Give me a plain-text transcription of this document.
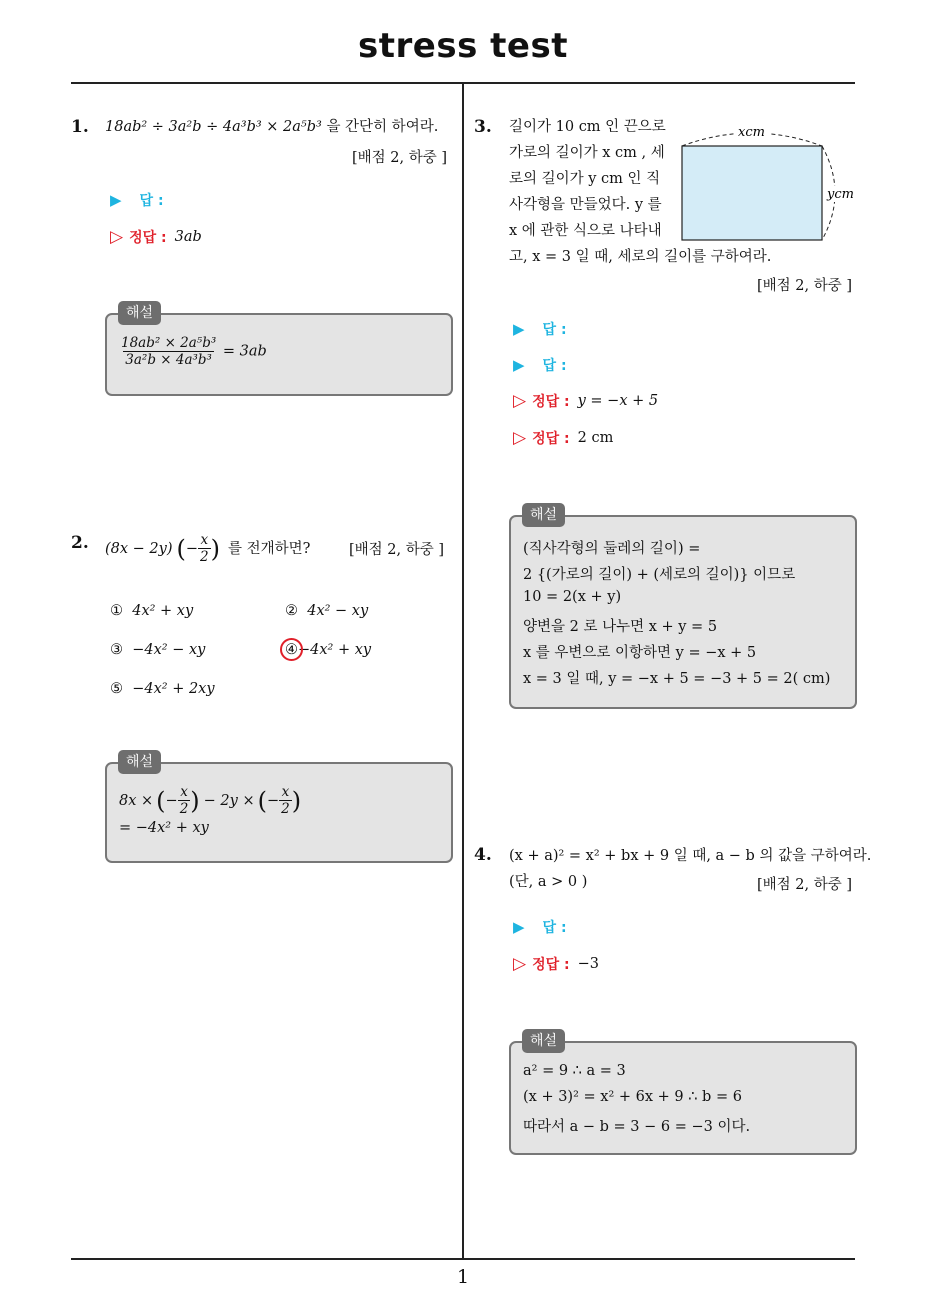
stress test
1
1. 18ab² ÷ 3a²b ÷ 4a³b³ × 2a⁵b³ 을 간단히 하여라.
[배점 2, 하중 ]
▶ 답 :
▷ 정답 : 3ab
$\frac{\text{18ab² × 2a⁵b³}}{\text{3a²b × 4a³b³}} = 3ab$
해설
2. (8x − 2y) ( − $\frac{x}{2}$ ) 를 전개하면?	[배점 2, 하중 ]
① 4x² + xy	② 4x² − xy
③ −4x² − xy	④−4x² + xy
⑤ −4x² + 2xy
8x × ( − $\frac{x}{2}$ ) − 2y × ( − $\frac{x}{2}$ )
= −4x² + xy
해설
3. 길이가 10 cm 인 끈으로
가로의 길이가 x cm , 세
로의 길이가 y cm 인 직
사각형을 만들었다. y 를
x 에 관한 식으로 나타내
고, x = 3 일 때, 세로의 길이를 구하여라.
xcm
ycm
[배점 2, 하중 ]
▶ 답 :
▶ 답 :
▷ 정답 : y = −x + 5
▷ 정답 : 2 cm
(직사각형의 둘레의 길이) =
2 {(가로의 길이) + (세로의 길이)} 이므로
10 = 2(x + y)
양변을 2 로 나누면 x + y = 5
x 를 우변으로 이항하면 y = −x + 5
x = 3 일 때, y = −x + 5 = −3 + 5 = 2( cm)
해설
4. (x + a)² = x² + bx + 9 일 때, a − b 의 값을 구하여라.
(단, a > 0 )	[배점 2, 하중 ]
▶ 답 :
▷ 정답 : −3
a² = 9 ∴ a = 3
(x + 3)² = x² + 6x + 9 ∴ b = 6
따라서 a − b = 3 − 6 = −3 이다.
해설
